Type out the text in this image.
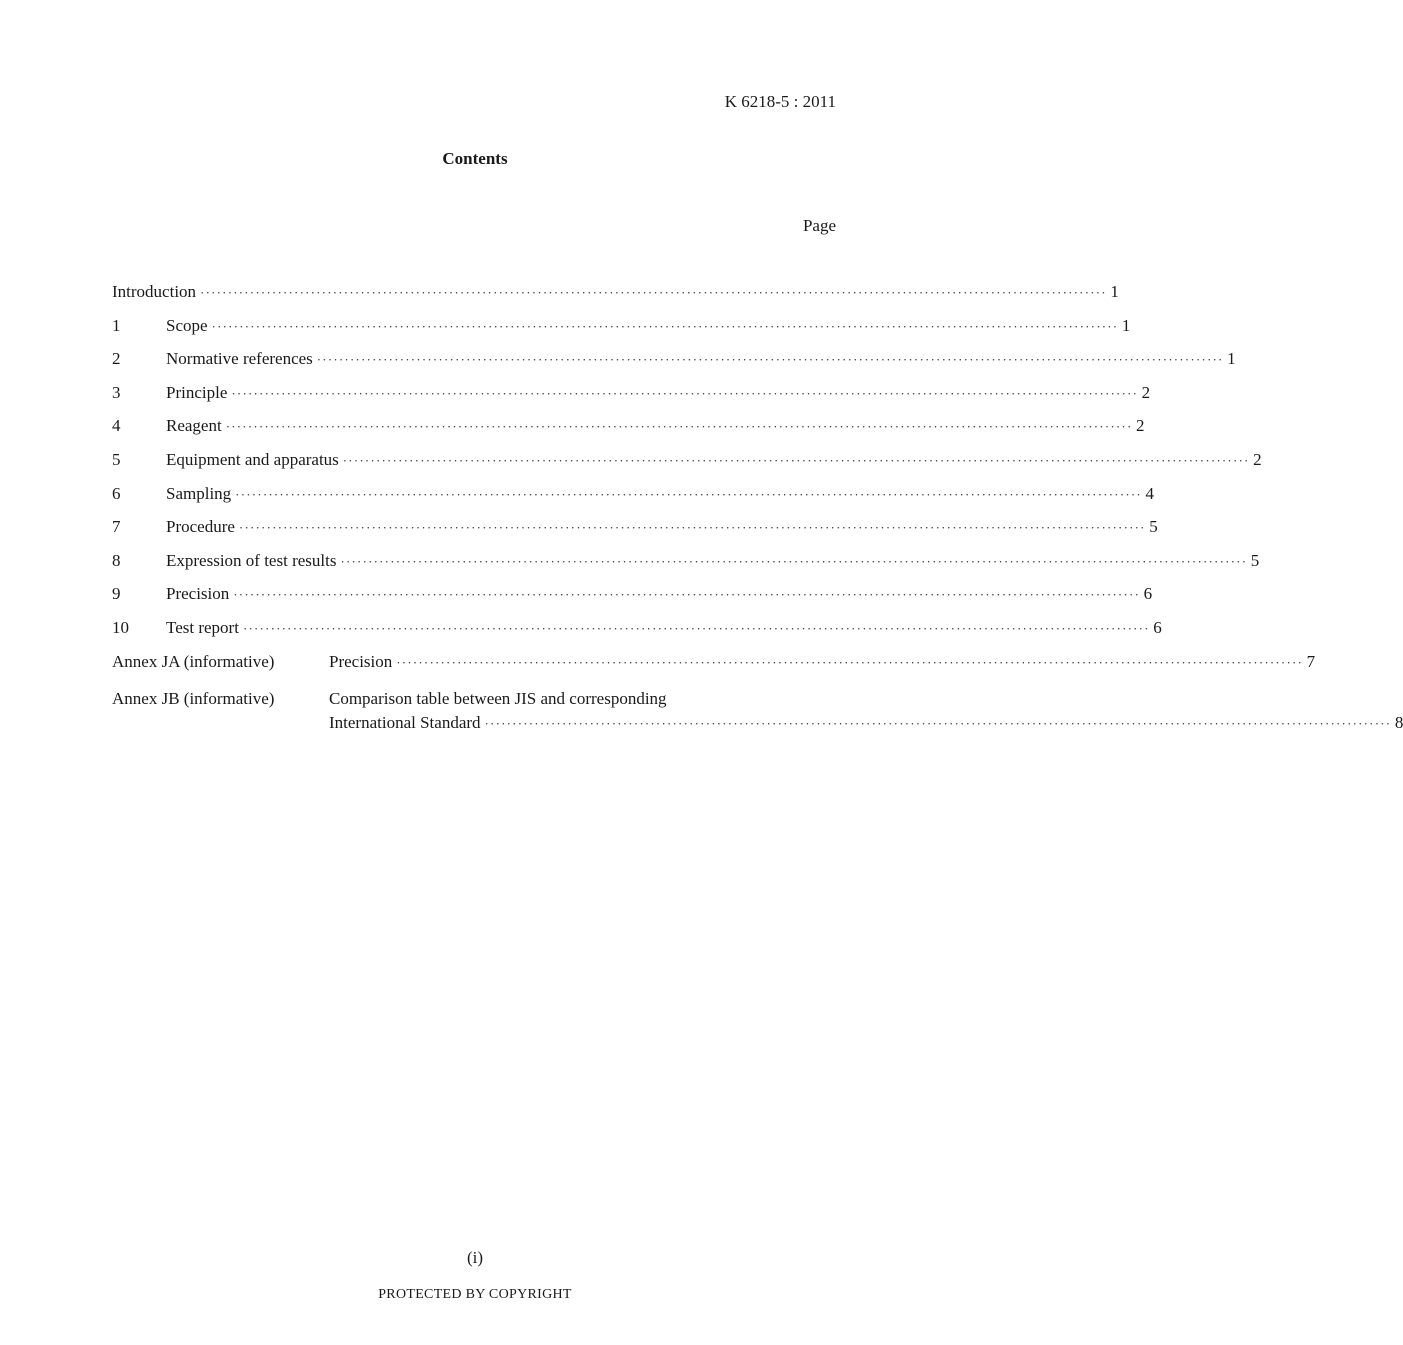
K 6218-5 : 2011
Contents
Page
Introduction ·····	1
1	Scope ·····	1
2	Normative references ·····	1
3	Principle ·····	2
4	Reagent ·····	2
5	Equipment and apparatus ·····	2
6	Sampling ·····	4
7	Procedure ·····	5
8	Expression of test results ·····	5
9	Precision ·····	6
10	Test report ·····	6
Annex JA (informative)	Precision ·····	7
Annex JB (informative)	Comparison table between JIS and corresponding
International Standard ·····	8
(i)
PROTECTED BY COPYRIGHT
